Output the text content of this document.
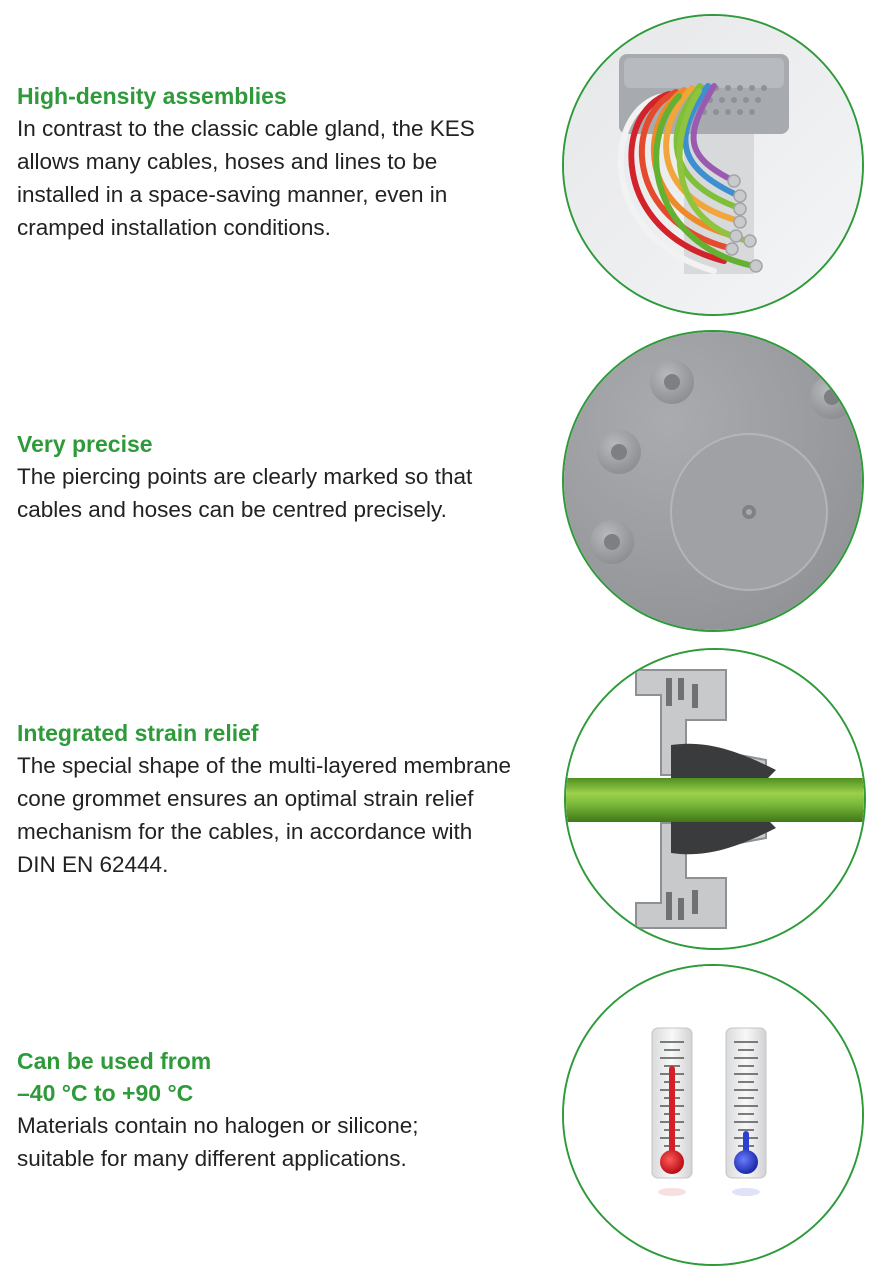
High-density assemblies

In contrast to the classic cable gland, the KES

allows many cables, hoses and lines to be

installed in a space-saving manner, even in

cramped installation conditions.

Very precise

The piercing points are clearly marked so that

cables and hoses can be centred precisely.

Integrated strain relief

The special shape of the multi-layered membrane

cone grommet ensures an optimal strain relief

mechanism for the cables, in accordance with

DIN EN 62444.

Can be used from

–40 °C to +90 °C

Materials contain no halogen or silicone;

suitable for many different applications.
